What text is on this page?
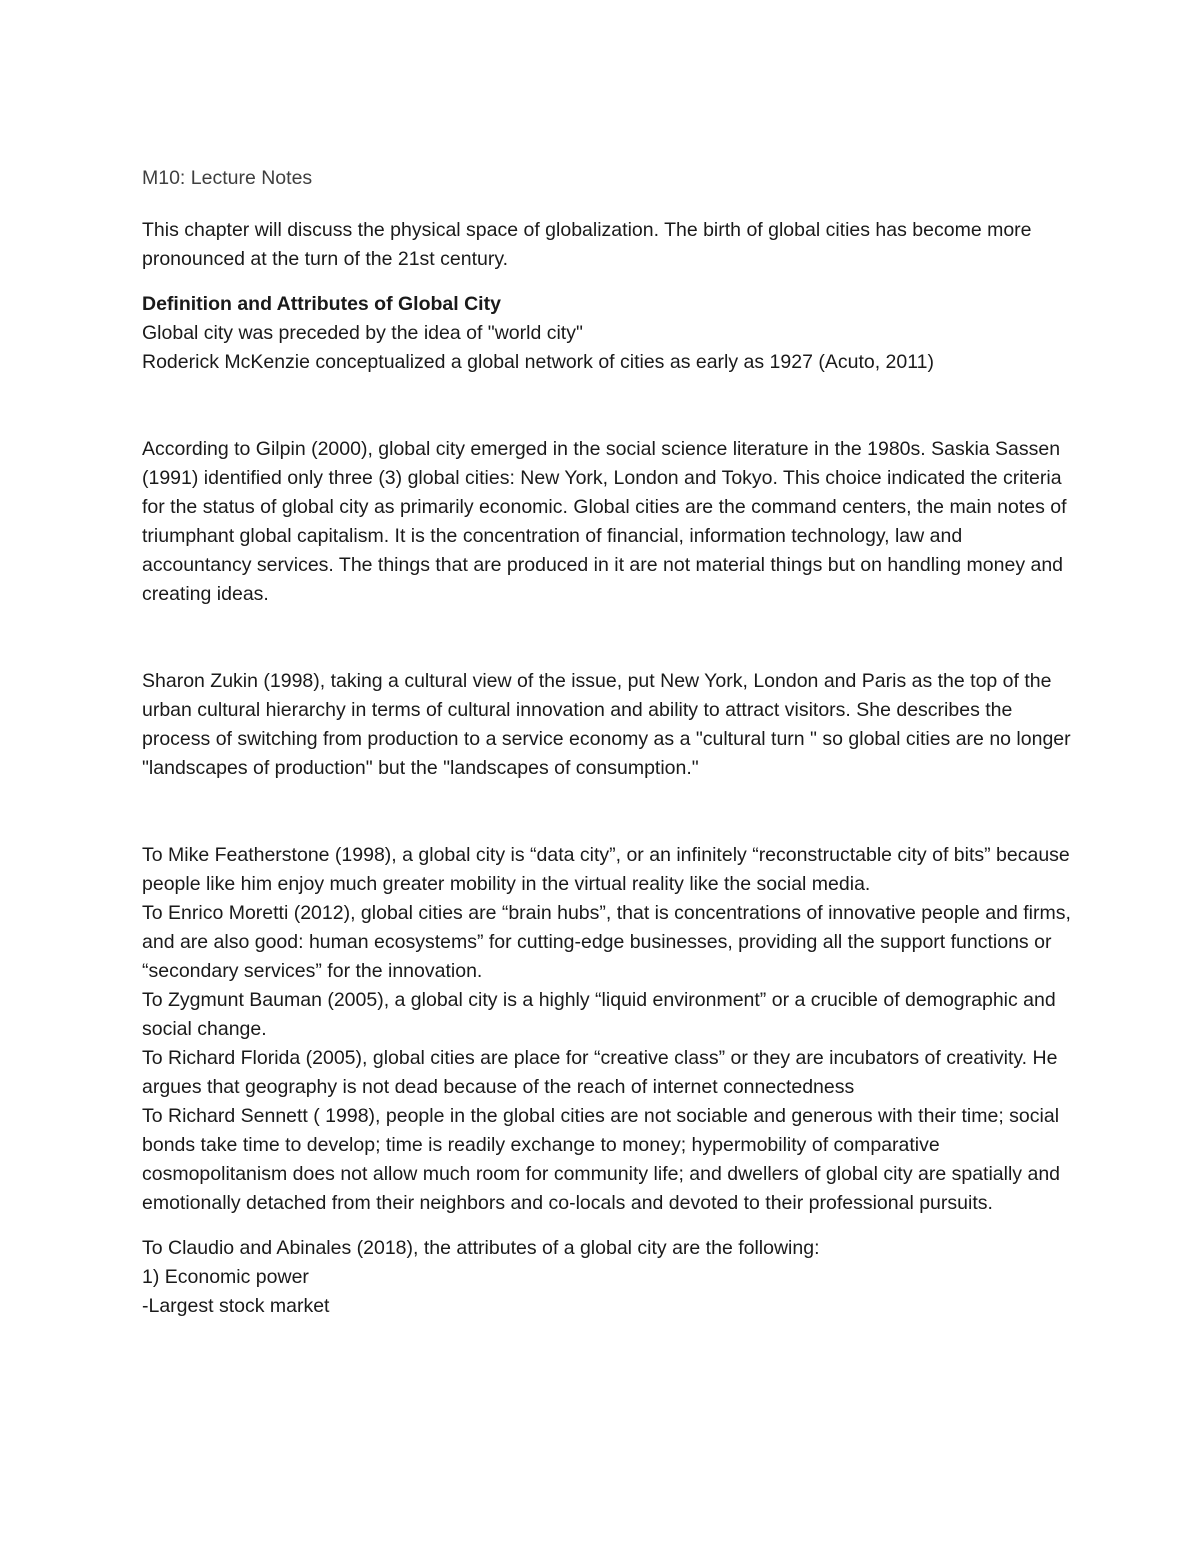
M10: Lecture Notes

This chapter will discuss the physical space of globalization. The birth of global cities has become more pronounced at the turn of the 21st century.

Definition and Attributes of Global City

Global city was preceded by the idea of "world city"

Roderick McKenzie conceptualized a global network of cities as early as 1927 (Acuto, 2011)

According to Gilpin (2000), global city emerged in the social science literature in the 1980s. Saskia Sassen (1991) identified only three (3) global cities: New York, London and Tokyo. This choice indicated the criteria for the status of global city as primarily economic. Global cities are the command centers, the main notes of triumphant global capitalism. It is the concentration of financial, information technology, law and accountancy services. The things that are produced in it are not material things but on handling money and creating ideas.

Sharon Zukin (1998), taking a cultural view of the issue, put New York, London and Paris as the top of the urban cultural hierarchy in terms of cultural innovation and ability to attract visitors. She describes the process of switching from production to a service economy as a "cultural turn " so global cities are no longer "landscapes of production" but the "landscapes of consumption."

To Mike Featherstone (1998), a global city is “data city”, or an infinitely “reconstructable city of bits” because people like him enjoy much greater mobility in the virtual reality like the social media.

To Enrico Moretti (2012), global cities are “brain hubs”, that is concentrations of innovative people and firms, and are also good: human ecosystems” for cutting-edge businesses, providing all the support functions or “secondary services” for the innovation.

To Zygmunt Bauman (2005), a global city is a highly “liquid environment” or a crucible of demographic and social change.

To Richard Florida (2005), global cities are place for “creative class” or they are incubators of creativity. He argues that geography is not dead because of the reach of internet connectedness

To Richard Sennett ( 1998), people in the global cities are not sociable and generous with their time; social bonds take time to develop; time is readily exchange to money; hypermobility of comparative cosmopolitanism does not allow much room for community life; and dwellers of global city are spatially and emotionally detached from their neighbors and co-locals and devoted to their professional pursuits.

To Claudio and Abinales (2018), the attributes of a global city are the following:

1) Economic power

-Largest stock market
